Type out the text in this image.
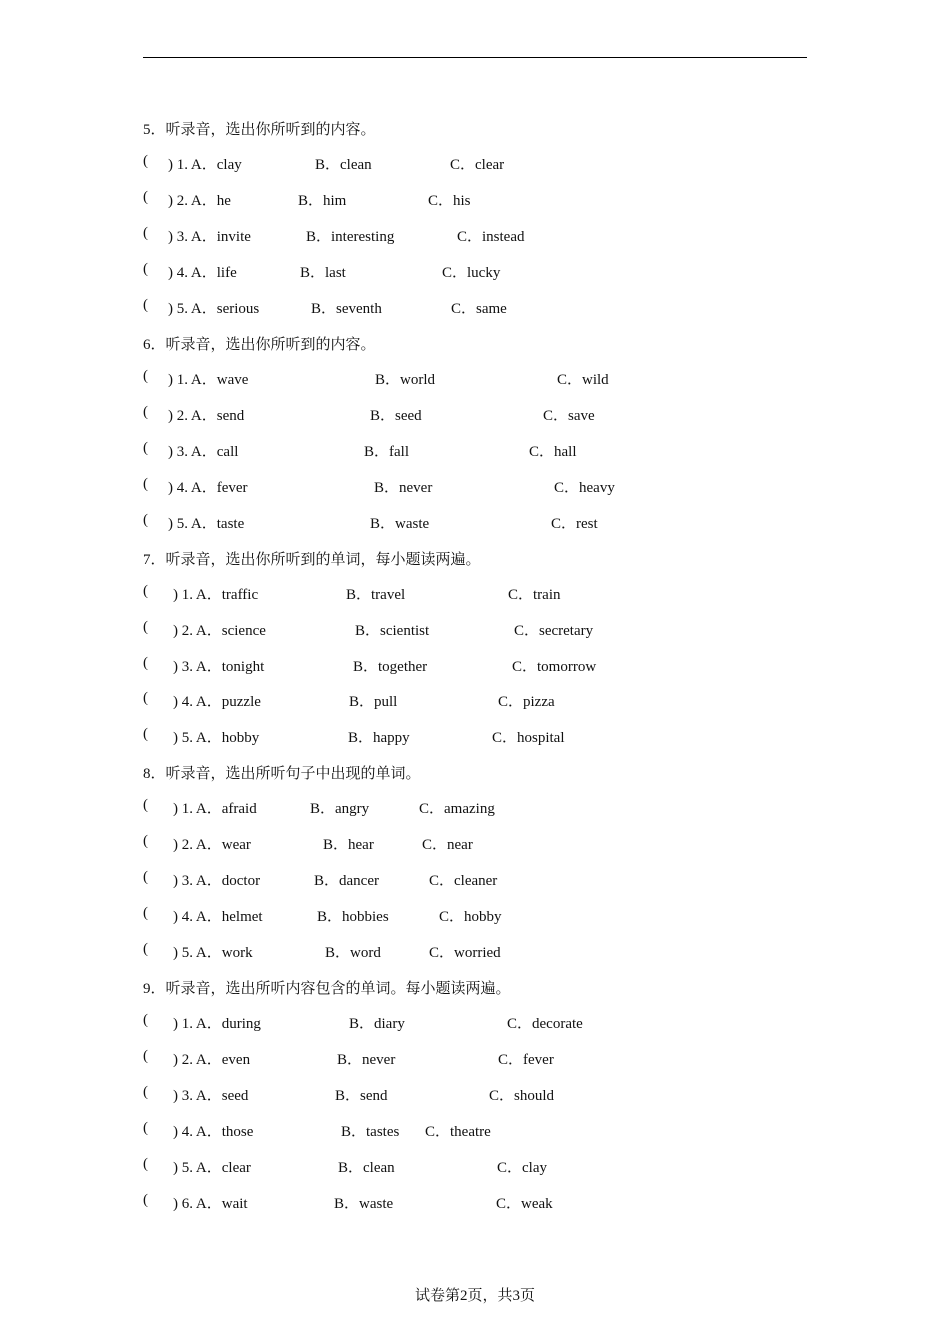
5．听录音，选出你所听到的内容。
( ) 1. A．clay	B．clean	C．clear
( ) 2. A．he	B．him	C．his
( ) 3. A．invite	B．interesting	C．instead
( ) 4. A．life	B．last	C．lucky
( ) 5. A．serious	B．seventh	C．same
6．听录音，选出你所听到的内容。
( ) 1. A．wave	B．world	C．wild
( ) 2. A．send	B．seed	C．save
( ) 3. A．call	B．fall	C．hall
( ) 4. A．fever	B．never	C．heavy
( ) 5. A．taste	B．waste	C．rest
7．听录音，选出你所听到的单词，每小题读两遍。
( ) 1. A．traffic	B．travel	C．train
( ) 2. A．science	B．scientist	C．secretary
( ) 3. A．tonight	B．together	C．tomorrow
( ) 4. A．puzzle	B．pull	C．pizza
( ) 5. A．hobby	B．happy	C．hospital
8．听录音，选出所听句子中出现的单词。
( ) 1. A．afraid	B．angry	C．amazing
( ) 2. A．wear	B．hear	C．near
( ) 3. A．doctor	B．dancer	C．cleaner
( ) 4. A．helmet	B．hobbies	C．hobby
( ) 5. A．work	B．word	C．worried
9．听录音，选出所听内容包含的单词。每小题读两遍。
( ) 1. A．during	B．diary	C．decorate
( ) 2. A．even	B．never	C．fever
( ) 3. A．seed	B．send	C．should
( ) 4. A．those	B．tastes C．theatre
( ) 5. A．clear	B．clean	C．clay
( ) 6. A．wait	B．waste	C．weak
试卷第2页，共3页
